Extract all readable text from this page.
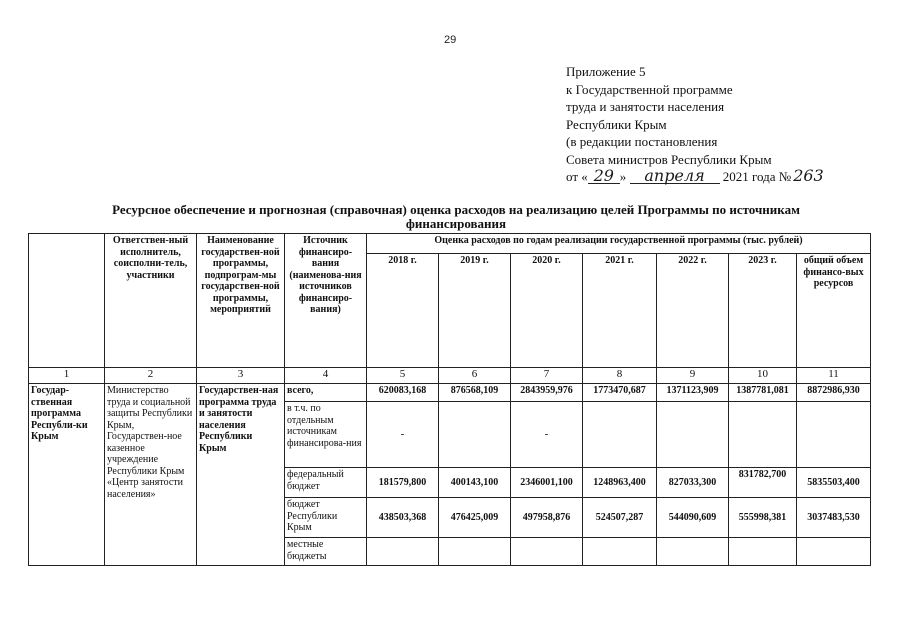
29
Приложение 5
к Государственной программе
труда и занятости населения
Республики Крым
(в редакции постановления
Совета министров Республики Крым
от « 29 » апреля 2021 года № 263
Ресурсное обеспечение и прогнозная (справочная) оценка расходов на реализацию целей Программы по источникам финансирования
	Ответствен-ный исполнитель, соисполни-тель, участники	Наименование государствен-ной программы, подпрограм-мы государствен-ной программы, мероприятий	Источник финансиро-вания (наименова-ния источников финансиро-вания)	Оценка расходов по годам реализации государственной программы (тыс. рублей)						
				2018 г.	2019 г.	2020 г.	2021 г.	2022 г.	2023 г.	общий объем финансо-вых ресурсов
1	2	3	4	5	6	7	8	9	10	11
Государ-ственная программа Республи-ки Крым	Министерство труда и социальной защиты Республики Крым, Государствен-ное казенное учреждение Республики Крым «Центр занятости населения»	Государствен-ная программа труда и занятости населения Республики Крым	всего,	620083,168	876568,109	2843959,976	1773470,687	1371123,909	1387781,081	8872986,930
			в т.ч. по отдельным источникам финансирова-ния	-		-				
			федеральный бюджет	181579,800	400143,100	2346001,100	1248963,400	827033,300	831782,700	5835503,400
			бюджет Республики Крым	438503,368	476425,009	497958,876	524507,287	544090,609	555998,381	3037483,530
			местные бюджеты							
